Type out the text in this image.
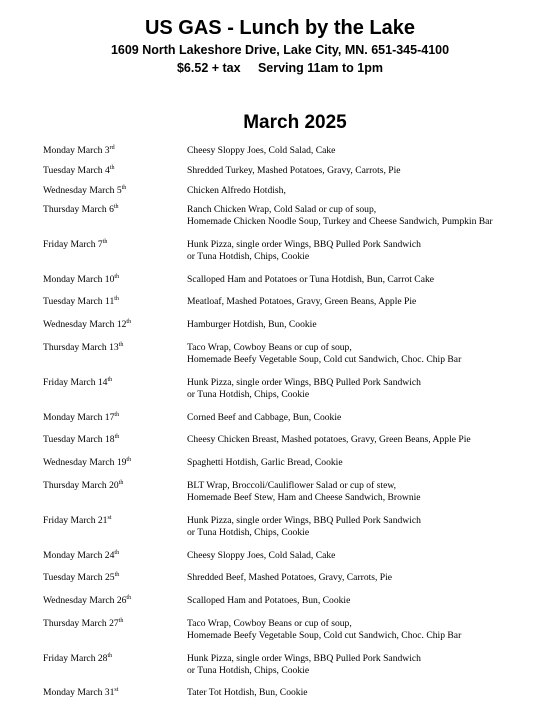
US GAS - Lunch by the Lake
1609 North Lakeshore Drive, Lake City, MN. 651-345-4100
$6.52 + tax     Serving 11am to 1pm
March 2025
Monday March 3rd	Cheesy Sloppy Joes, Cold Salad, Cake
Tuesday March 4th	Shredded Turkey, Mashed Potatoes, Gravy, Carrots, Pie
Wednesday March 5th	Chicken Alfredo Hotdish,
Thursday March 6th	Ranch Chicken Wrap, Cold Salad or cup of soup,
Homemade Chicken Noodle Soup, Turkey and Cheese Sandwich, Pumpkin Bar
Friday March 7th	Hunk Pizza, single order Wings, BBQ Pulled Pork Sandwich
or Tuna Hotdish, Chips, Cookie
Monday March 10th	Scalloped Ham and Potatoes or Tuna Hotdish, Bun, Carrot Cake
Tuesday March 11th	Meatloaf, Mashed Potatoes, Gravy, Green Beans, Apple Pie
Wednesday March 12th	Hamburger Hotdish, Bun, Cookie
Thursday March 13th	Taco Wrap, Cowboy Beans or cup of soup,
Homemade Beefy Vegetable Soup, Cold cut Sandwich, Choc. Chip Bar
Friday March 14th	Hunk Pizza, single order Wings, BBQ Pulled Pork Sandwich
or Tuna Hotdish, Chips, Cookie
Monday March 17th	Corned Beef and Cabbage, Bun, Cookie
Tuesday March 18th	Cheesy Chicken Breast, Mashed potatoes, Gravy, Green Beans, Apple Pie
Wednesday March 19th	Spaghetti Hotdish, Garlic Bread, Cookie
Thursday March 20th	BLT Wrap, Broccoli/Cauliflower Salad or cup of stew,
Homemade Beef Stew, Ham and Cheese Sandwich, Brownie
Friday March 21st	Hunk Pizza, single order Wings, BBQ Pulled Pork Sandwich
or Tuna Hotdish, Chips, Cookie
Monday March 24th	Cheesy Sloppy Joes, Cold Salad, Cake
Tuesday March 25th	Shredded Beef, Mashed Potatoes, Gravy, Carrots, Pie
Wednesday March 26th	Scalloped Ham and Potatoes, Bun, Cookie
Thursday March 27th	Taco Wrap, Cowboy Beans or cup of soup,
Homemade Beefy Vegetable Soup, Cold cut Sandwich, Choc. Chip Bar
Friday March 28th	Hunk Pizza, single order Wings, BBQ Pulled Pork Sandwich
or Tuna Hotdish, Chips, Cookie
Monday March 31st	Tater Tot Hotdish, Bun, Cookie
